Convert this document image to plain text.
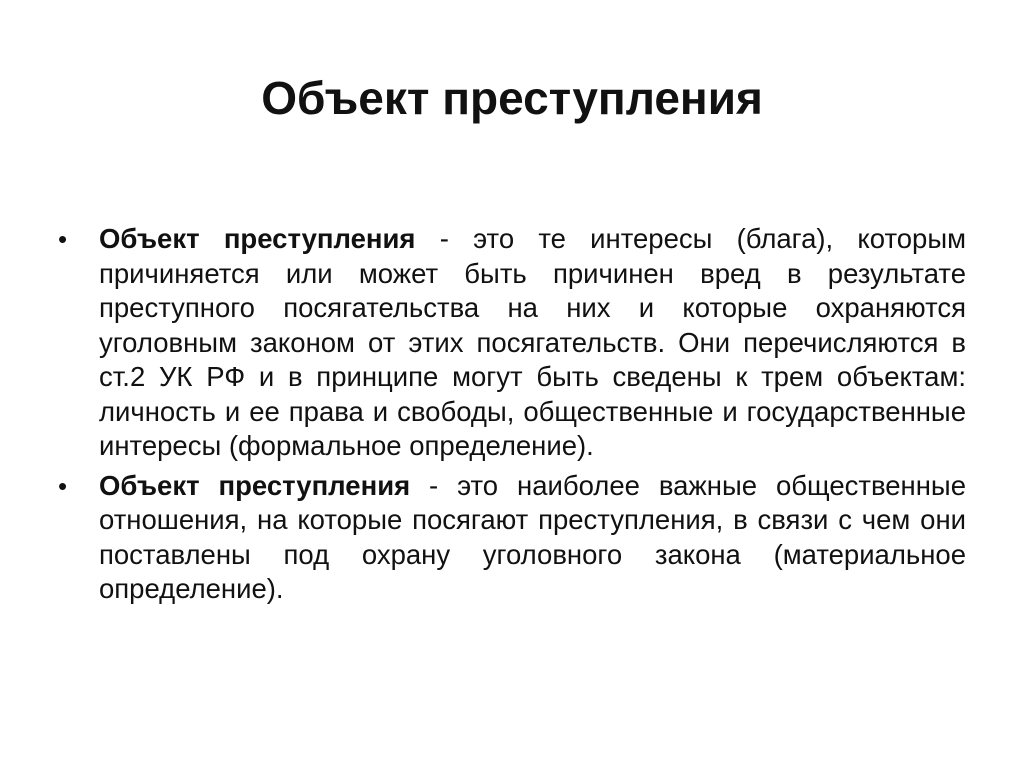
Объект преступления
•	Объект преступления - это те интересы (блага), которым причиняется или может быть причинен вред в результате преступного посягательства на них и которые охраняются уголовным законом от этих посягательств. Они перечисляются в ст.2 УК РФ и в принципе могут быть сведены к трем объектам: личность и ее права и свободы, общественные и государственные интересы (формальное определение).
•	Объект преступления - это наиболее важные общественные отношения, на которые посягают преступления, в связи с чем они поставлены под охрану уголовного закона (материальное определение).
